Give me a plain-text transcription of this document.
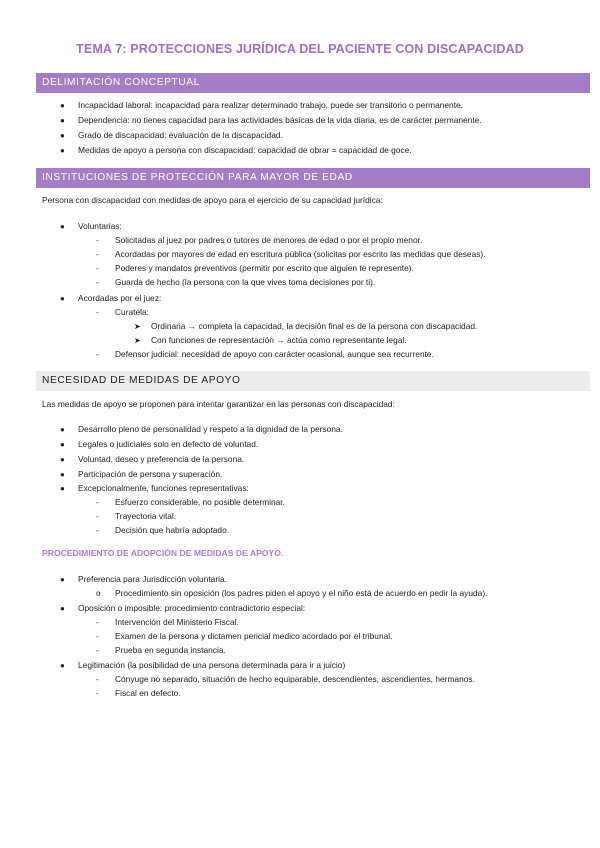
TEMA 7: PROTECCIONES JURÍDICA DEL PACIENTE CON DISCAPACIDAD
DELIMITACIÓN CONCEPTUAL
● Incapacidad laboral: incapacidad para realizar determinado trabajo, puede ser transitorio o permanente.
● Dependencia: no tienes capacidad para las actividades básicas de la vida diaria, es de carácter permanente.
● Grado de discapacidad: evaluación de la discapacidad.
● Medidas de apoyo a persona con discapacidad: capacidad de obrar = capacidad de goce.
INSTITUCIONES DE PROTECCIÓN PARA MAYOR DE EDAD
Persona con discapacidad con medidas de apoyo para el ejercicio de su capacidad jurídica:
● Voluntarias:
- Solicitadas al juez por padres o tutores de menores de edad o por el propio menor.
- Acordadas por mayores de edad en escritura pública (solicitas por escrito las medidas que deseas).
- Poderes y mandatos preventivos (permitir por escrito que alguien te represente).
- Guarda de hecho (la persona con la que vives toma decisiones por ti).
● Acordadas por el juez:
- Curatela:
➤ Ordinaria → completa la capacidad, la decisión final es de la persona con discapacidad.
➤ Con funciones de representación → actúa como representante legal.
- Defensor judicial: necesidad de apoyo con carácter ocasional, aunque sea recurrente.
NECESIDAD DE MEDIDAS DE APOYO
Las medidas de apoyo se proponen para intentar garantizar en las personas con discapacidad:
● Desarrollo pleno de personalidad y respeto a la dignidad de la persona.
● Legales o judiciales solo en defecto de voluntad.
● Voluntad, deseo y preferencia de la persona.
● Participación de persona y superación.
● Excepcionalmente, funciones representativas:
- Esfuerzo considerable, no posible determinar.
- Trayectoria vital.
- Decisión que habría adoptado.
PROCEDIMIENTO DE ADOPCIÓN DE MEDIDAS DE APOYO.
● Preferencia para Jurisdicción voluntaria.
o Procedimiento sin oposición (los padres piden el apoyo y el niño está de acuerdo en pedir la ayuda).
● Oposición o imposible: procedimiento contradictorio especial:
- Intervención del Ministerio Fiscal.
- Examen de la persona y dictamen pericial medico acordado por el tribunal.
- Prueba en segunda instancia.
● Legitimación (la posibilidad de una persona determinada para ir a juicio)
- Cónyuge no separado, situación de hecho equiparable, descendientes, ascendientes, hermanos.
- Fiscal en defecto.
